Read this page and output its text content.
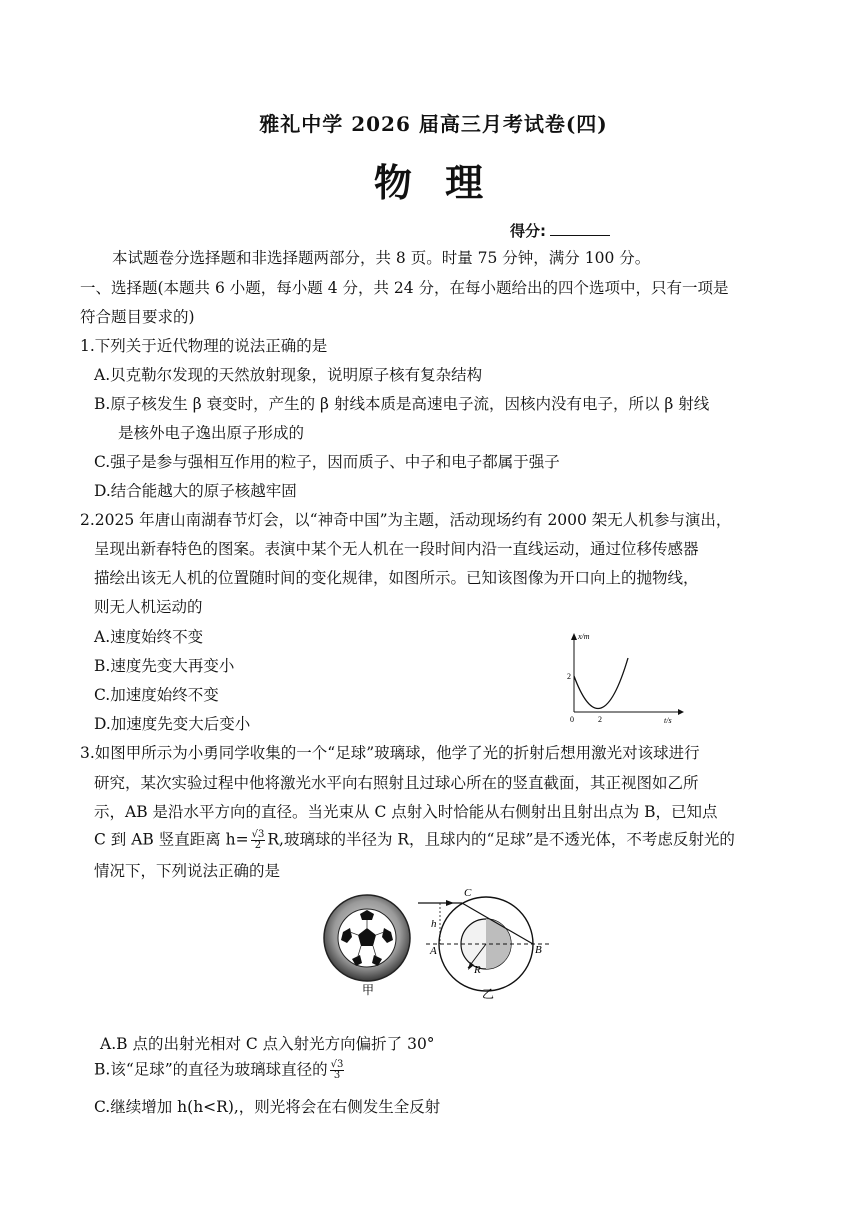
雅礼中学 2026 届高三月考试卷(四)
物 理
得分:
本试题卷分选择题和非选择题两部分，共 8 页。时量 75 分钟，满分 100 分。
一、选择题(本题共 6 小题，每小题 4 分，共 24 分，在每小题给出的四个选项中，只有一项是
符合题目要求的)
1.下列关于近代物理的说法正确的是
A.贝克勒尔发现的天然放射现象，说明原子核有复杂结构
B.原子核发生 β 衰变时，产生的 β 射线本质是高速电子流，因核内没有电子，所以 β 射线
是核外电子逸出原子形成的
C.强子是参与强相互作用的粒子，因而质子、中子和电子都属于强子
D.结合能越大的原子核越牢固
2.2025 年唐山南湖春节灯会，以“神奇中国”为主题，活动现场约有 2000 架无人机参与演出，
呈现出新春特色的图案。表演中某个无人机在一段时间内沿一直线运动，通过位移传感器
描绘出该无人机的位置随时间的变化规律，如图所示。已知该图像为开口向上的抛物线，
则无人机运动的
A.速度始终不变
B.速度先变大再变小
C.加速度始终不变
D.加速度先变大后变小
x/m
t/s
0
2
2
3.如图甲所示为小勇同学收集的一个“足球”玻璃球，他学了光的折射后想用激光对该球进行
研究，某次实验过程中他将激光水平向右照射且过球心所在的竖直截面，其正视图如乙所
示，AB 是沿水平方向的直径。当光束从 C 点射入时恰能从右侧射出且射出点为 B，已知点
C 到 AB 竖直距离 $h= \frac{√3}{2} R$,玻璃球的半径为 R，且球内的“足球”是不透光体，不考虑反射光的
情况下，下列说法正确的是
甲
C
h
A	B
R
乙
A.B 点的出射光相对 C 点入射光方向偏折了 30°
B.该“足球”的直径为玻璃球直径的 $\frac{√3}{3}$
C.继续增加 h(h<R),，则光将会在右侧发生全反射
